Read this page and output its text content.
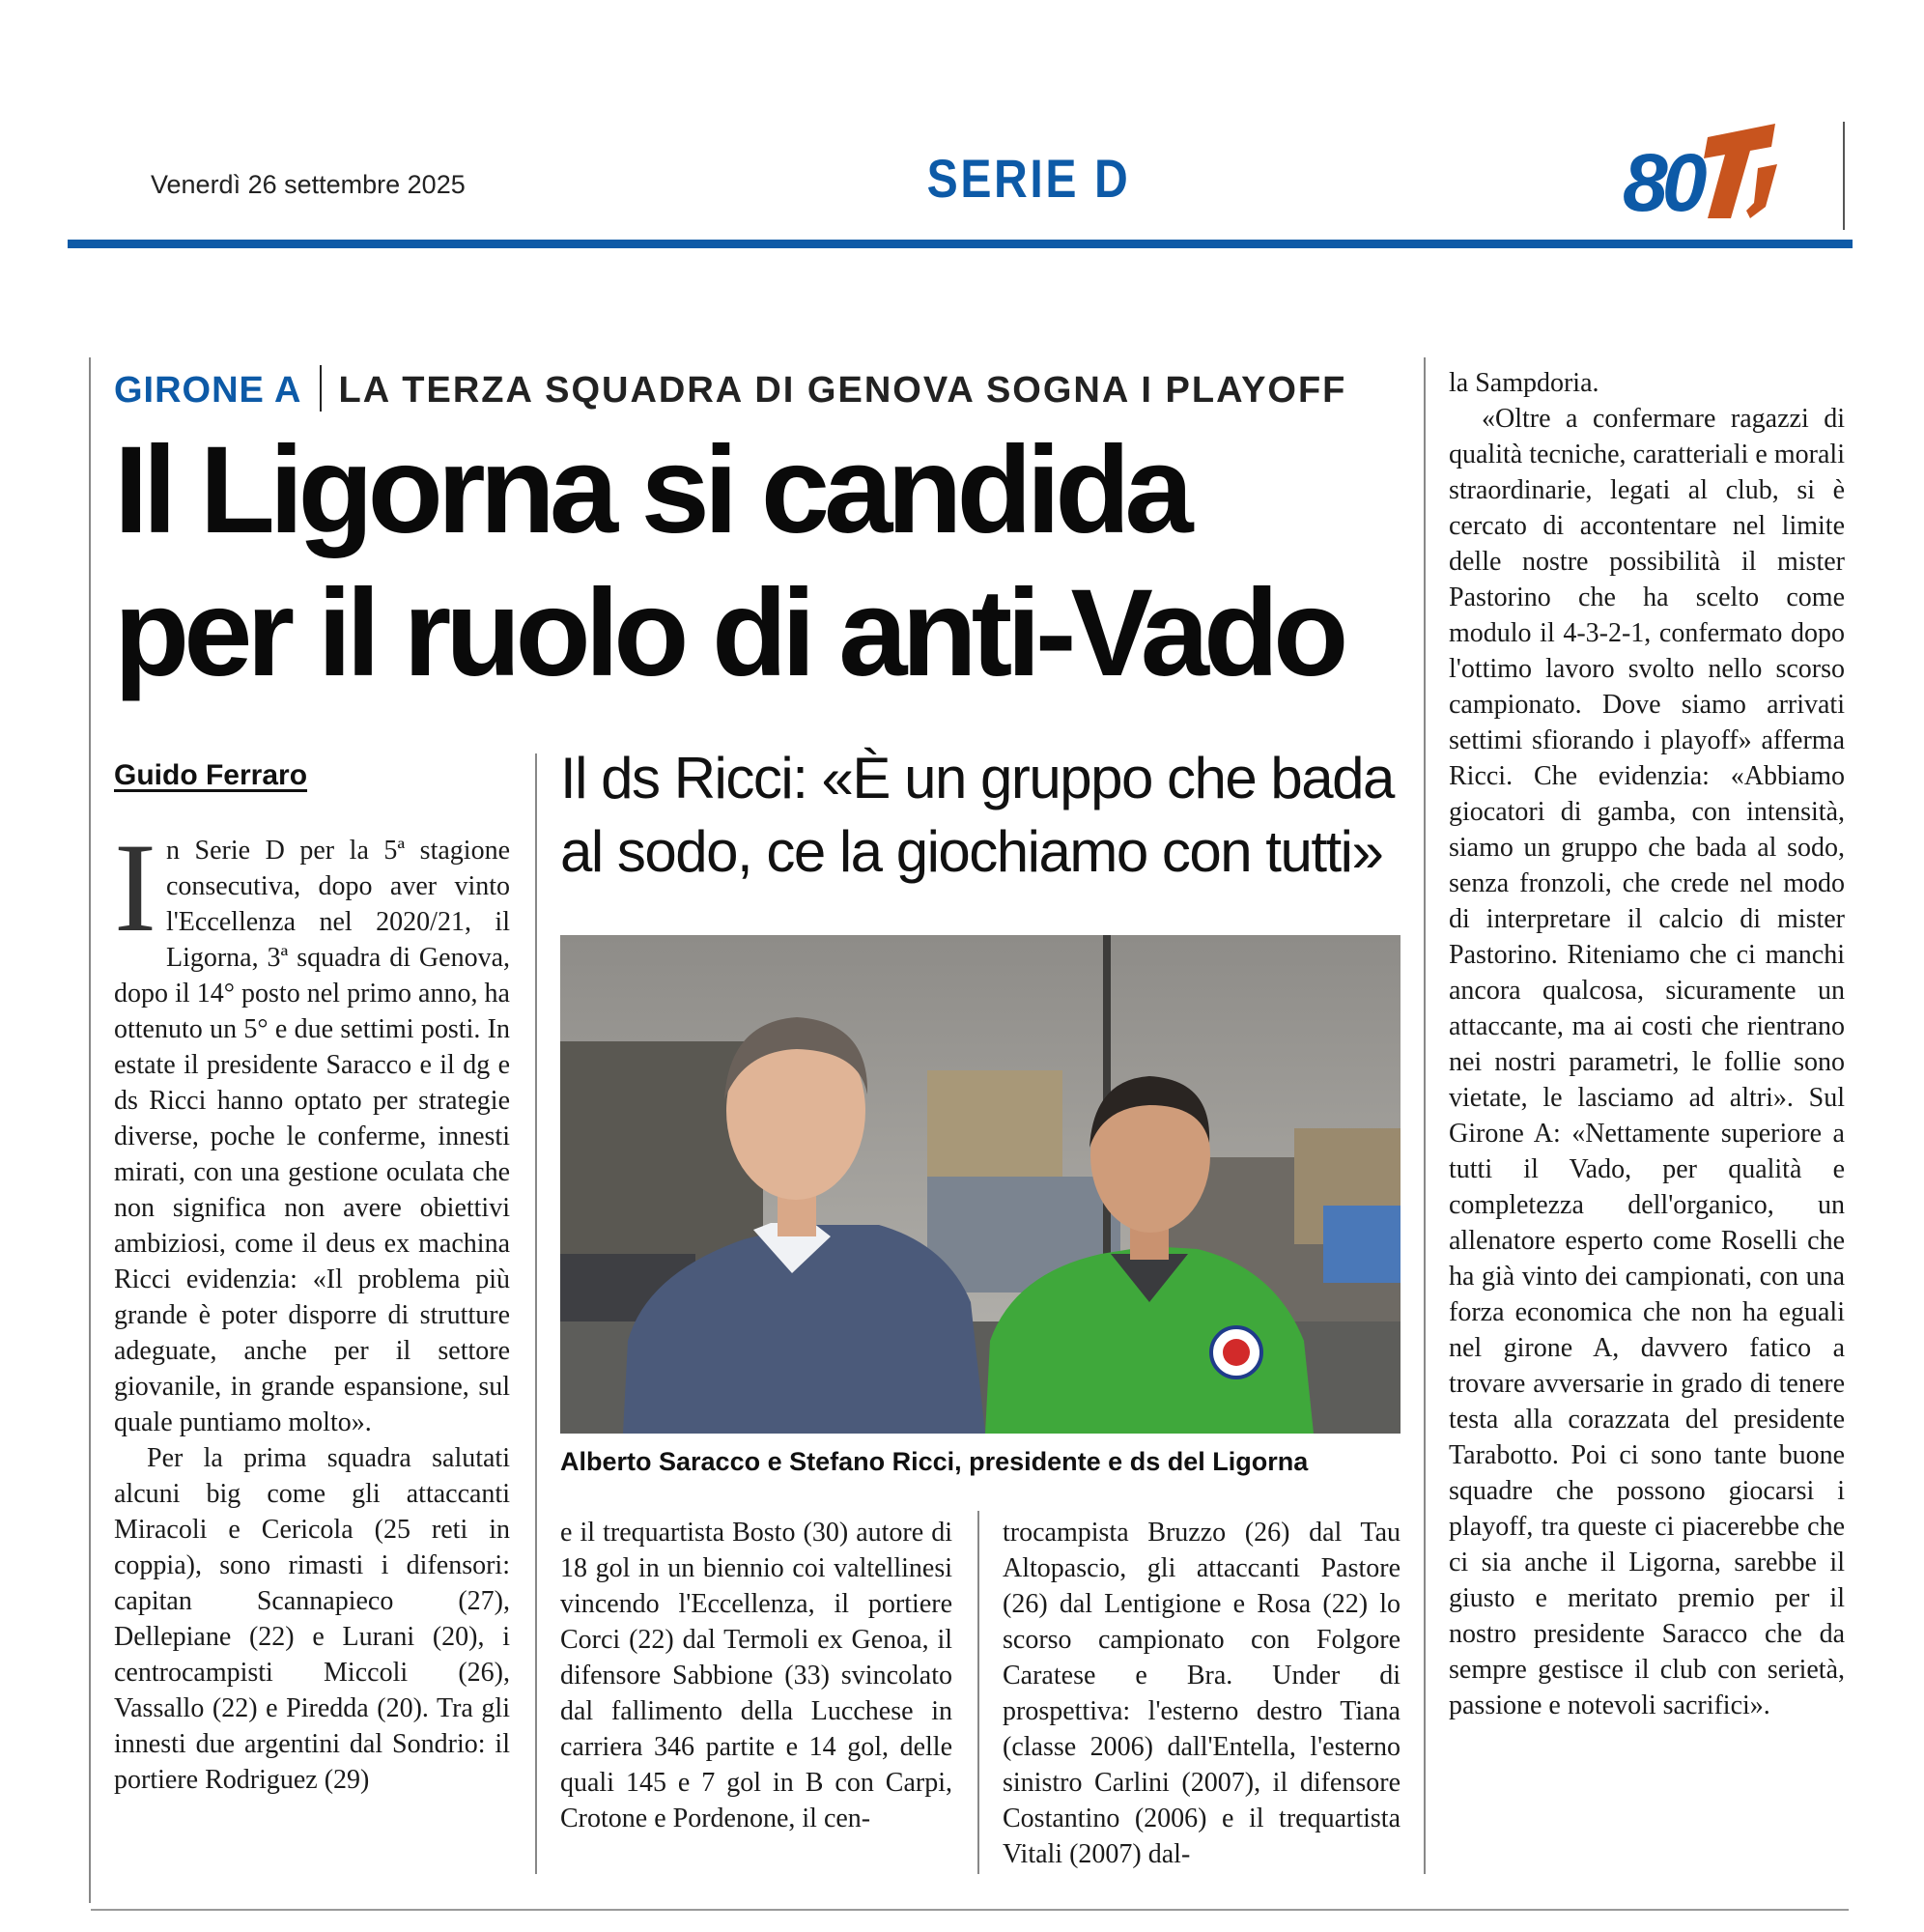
Venerdì 26 settembre 2025	SERIE D	80
GIRONE A LA TERZA SQUADRA DI GENOVA SOGNA I PLAYOFF
Il Ligorna si candida
per il ruolo di anti-Vado
Guido Ferraro	Il ds Ricci: «È un gruppo che bada
al sodo, ce la giochiamo con tutti»
Alberto Saracco e Stefano Ricci, presidente e ds del Ligorna

In Serie D per la 5ª stagione consecutiva, dopo aver vinto l'Eccellenza nel 2020/21, il Ligorna, 3ª squadra di Genova, dopo il 14° posto nel primo anno, ha ottenuto un 5° e due settimi posti. In estate il presidente Saracco e il dg e ds Ricci hanno optato per strategie diverse, poche le conferme, innesti mirati, con una gestione oculata che non significa non avere obiettivi ambiziosi, come il deus ex machina Ricci evidenzia: «Il problema più grande è poter disporre di strutture adeguate, anche per il settore giovanile, in grande espansione, sul quale puntiamo molto».

Per la prima squadra salutati alcuni big come gli attaccanti Miracoli e Cericola (25 reti in coppia), sono rimasti i difensori: capitan Scannapieco (27), Dellepiane (22) e Lurani (20), i centrocampisti Miccoli (26), Vassallo (22) e Piredda (20). Tra gli innesti due argentini dal Sondrio: il portiere Rodriguez (29)

e il trequartista Bosto (30) autore di 18 gol in un biennio coi valtellinesi vincendo l'Eccellenza, il portiere Corci (22) dal Termoli ex Genoa, il difensore Sabbione (33) svincolato dal fallimento della Lucchese in carriera 346 partite e 14 gol, delle quali 145 e 7 gol in B con Carpi, Crotone e Pordenone, il cen-

trocampista Bruzzo (26) dal Tau Altopascio, gli attaccanti Pastore (26) dal Lentigione e Rosa (22) lo scorso campionato con Folgore Caratese e Bra. Under di prospettiva: l'esterno destro Tiana (classe 2006) dall'Entella, l'esterno sinistro Carlini (2007), il difensore Costantino (2006) e il trequartista Vitali (2007) dal-

la Sampdoria.

«Oltre a confermare ragazzi di qualità tecniche, caratteriali e morali straordinarie, legati al club, si è cercato di accontentare nel limite delle nostre possibilità il mister Pastorino che ha scelto come modulo il 4-3-2-1, confermato dopo l'ottimo lavoro svolto nello scorso campionato. Dove siamo arrivati settimi sfiorando i playoff» afferma Ricci. Che evidenzia: «Abbiamo giocatori di gamba, con intensità, siamo un gruppo che bada al sodo, senza fronzoli, che crede nel modo di interpretare il calcio di mister Pastorino. Riteniamo che ci manchi ancora qualcosa, sicuramente un attaccante, ma ai costi che rientrano nei nostri parametri, le follie sono vietate, le lasciamo ad altri». Sul Girone A: «Nettamente superiore a tutti il Vado, per qualità e completezza dell'organico, un allenatore esperto come Roselli che ha già vinto dei campionati, con una forza economica che non ha eguali nel girone A, davvero fatico a trovare avversarie in grado di tenere testa alla corazzata del presidente Tarabotto. Poi ci sono tante buone squadre che possono giocarsi i playoff, tra queste ci piacerebbe che ci sia anche il Ligorna, sarebbe il giusto e meritato premio per il nostro presidente Saracco che da sempre gestisce il club con serietà, passione e notevoli sacrifici».
